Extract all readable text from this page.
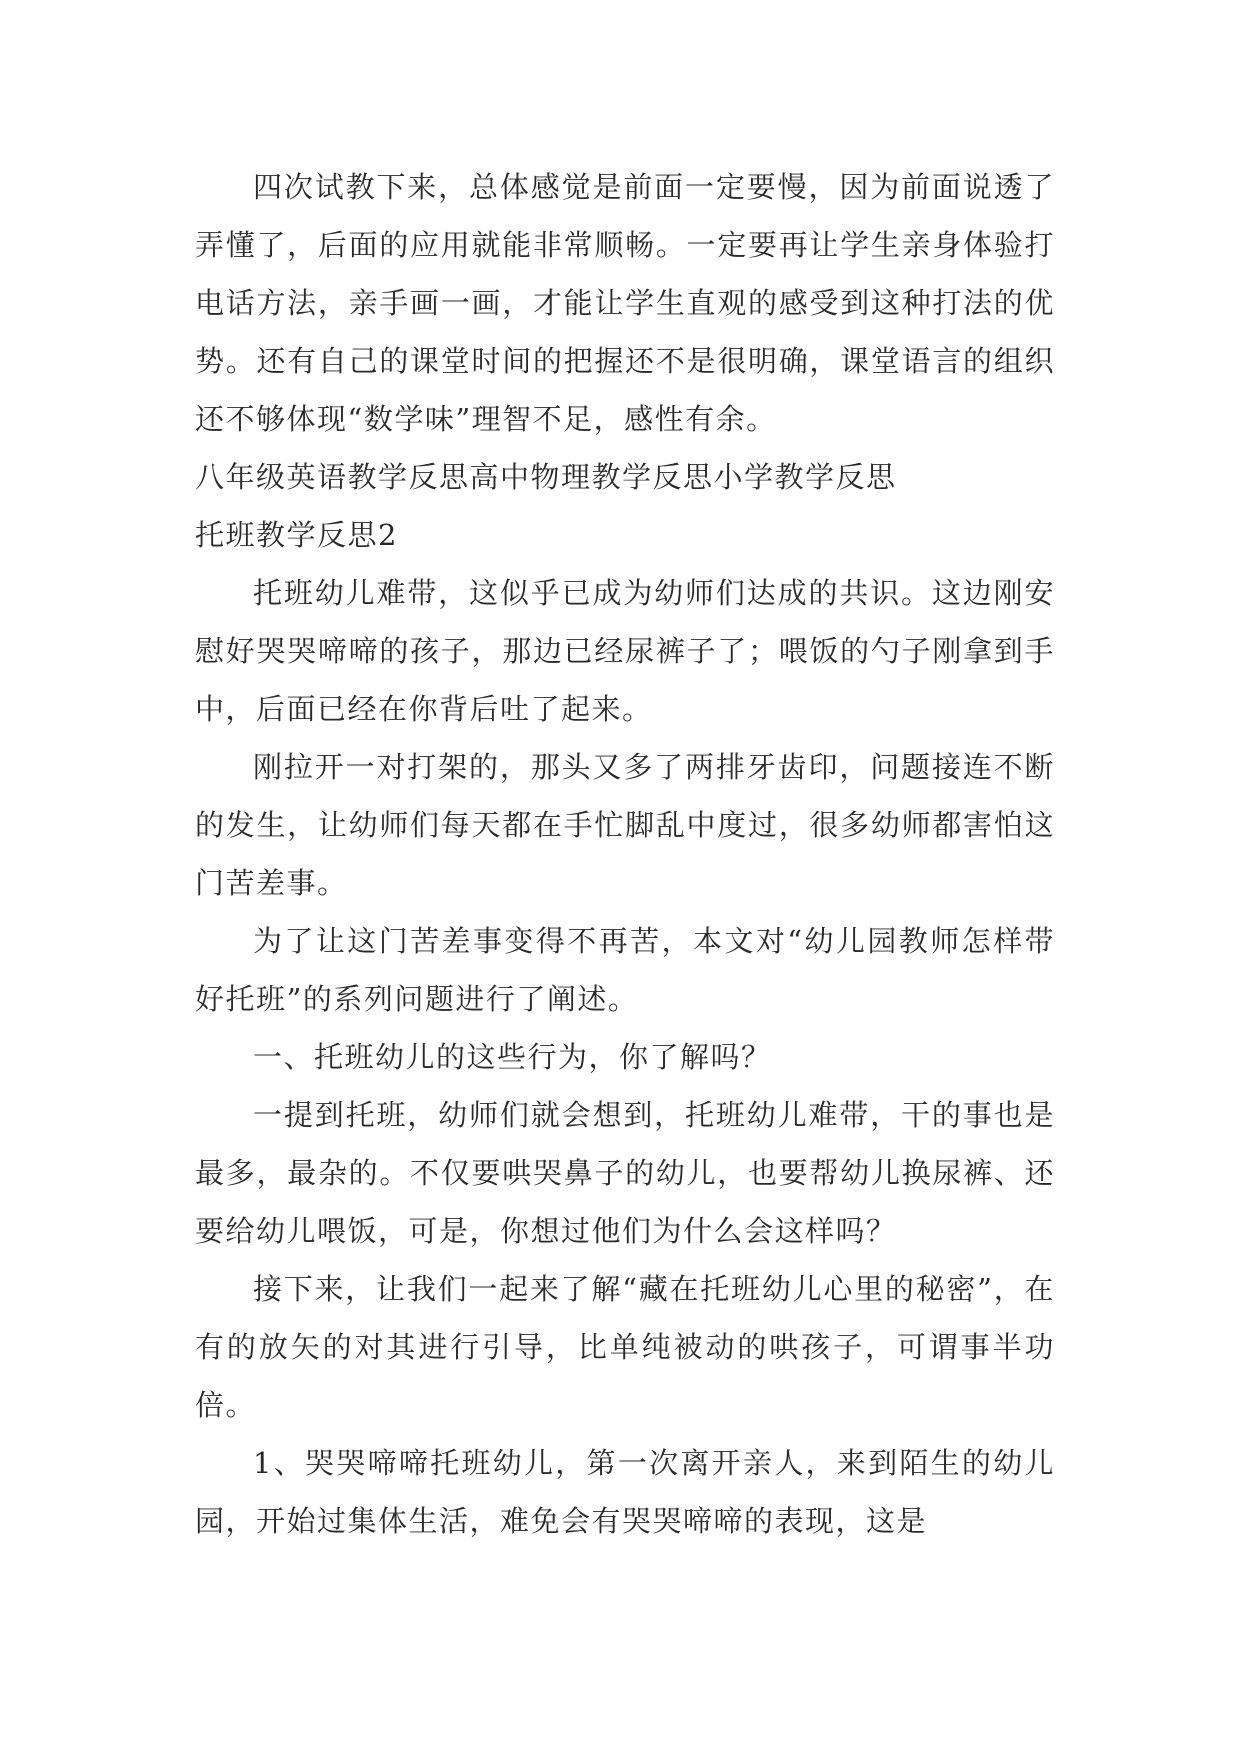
四次试教下来，总体感觉是前面一定要慢，因为前面说透了弄懂了，后面的应用就能非常顺畅。一定要再让学生亲身体验打电话方法，亲手画一画，才能让学生直观的感受到这种打法的优势。还有自己的课堂时间的把握还不是很明确，课堂语言的组织还不够体现“数学味”理智不足，感性有余。

八年级英语教学反思高中物理教学反思小学教学反思

托班教学反思2

托班幼儿难带，这似乎已成为幼师们达成的共识。这边刚安慰好哭哭啼啼的孩子，那边已经尿裤子了；喂饭的勺子刚拿到手中，后面已经在你背后吐了起来。

刚拉开一对打架的，那头又多了两排牙齿印，问题接连不断的发生，让幼师们每天都在手忙脚乱中度过，很多幼师都害怕这门苦差事。

为了让这门苦差事变得不再苦，本文对“幼儿园教师怎样带好托班”的系列问题进行了阐述。

一、托班幼儿的这些行为，你了解吗？

一提到托班，幼师们就会想到，托班幼儿难带，干的事也是最多，最杂的。不仅要哄哭鼻子的幼儿，也要帮幼儿换尿裤、还要给幼儿喂饭，可是，你想过他们为什么会这样吗？

接下来，让我们一起来了解“藏在托班幼儿心里的秘密”，在有的放矢的对其进行引导，比单纯被动的哄孩子，可谓事半功倍。

1、哭哭啼啼托班幼儿，第一次离开亲人，来到陌生的幼儿园，开始过集体生活，难免会有哭哭啼啼的表现，这是
